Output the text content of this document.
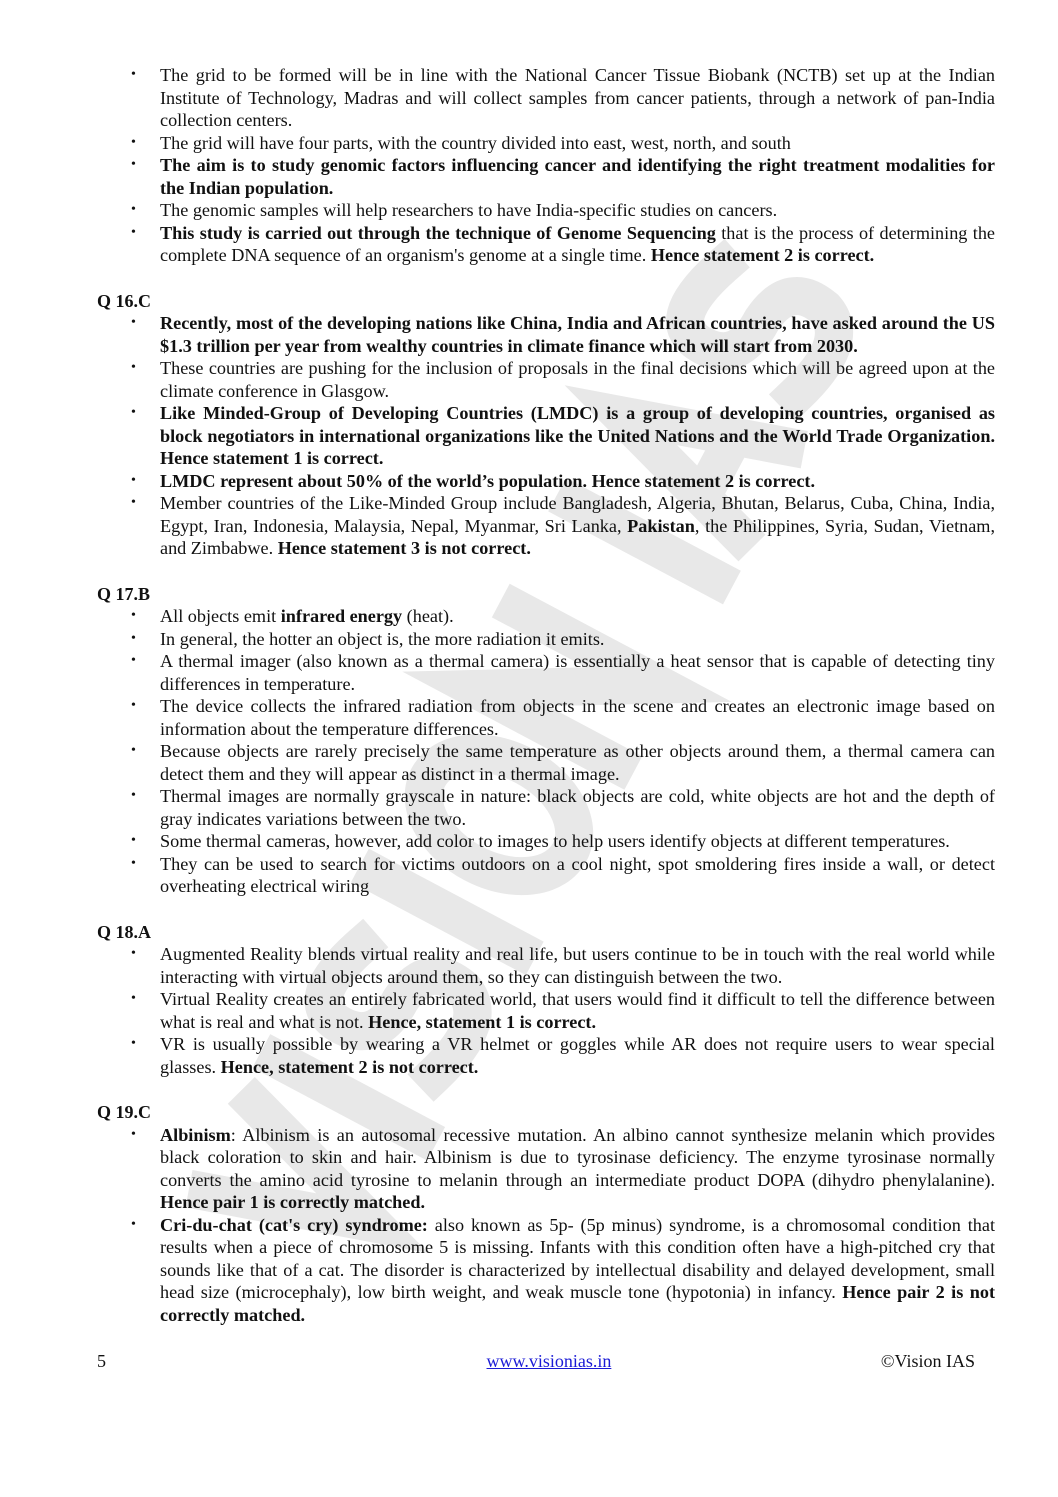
•	The grid to be formed will be in line with the National Cancer Tissue Biobank (NCTB) set up at the Indian Institute of Technology, Madras and will collect samples from cancer patients, through a network of pan-India collection centers.
•	The grid will have four parts, with the country divided into east, west, north, and south
•	The aim is to study genomic factors influencing cancer and identifying the right treatment modalities for the Indian population.
•	The genomic samples will help researchers to have India-specific studies on cancers.
•	This study is carried out through the technique of Genome Sequencing that is the process of determining the complete DNA sequence of an organism's genome at a single time. Hence statement 2 is correct.
Q 16.C
•	Recently, most of the developing nations like China, India and African countries, have asked around the US $1.3 trillion per year from wealthy countries in climate finance which will start from 2030.
•	These countries are pushing for the inclusion of proposals in the final decisions which will be agreed upon at the climate conference in Glasgow.
•	Like Minded-Group of Developing Countries (LMDC) is a group of developing countries, organised as block negotiators in international organizations like the United Nations and the World Trade Organization. Hence statement 1 is correct.
•	LMDC represent about 50% of the world’s population. Hence statement 2 is correct.
•	Member countries of the Like-Minded Group include Bangladesh, Algeria, Bhutan, Belarus, Cuba, China, India, Egypt, Iran, Indonesia, Malaysia, Nepal, Myanmar, Sri Lanka, Pakistan, the Philippines, Syria, Sudan, Vietnam, and Zimbabwe. Hence statement 3 is not correct.
Q 17.B
•	All objects emit infrared energy (heat).
•	In general, the hotter an object is, the more radiation it emits.
•	A thermal imager (also known as a thermal camera) is essentially a heat sensor that is capable of detecting tiny differences in temperature.
•	The device collects the infrared radiation from objects in the scene and creates an electronic image based on information about the temperature differences.
•	Because objects are rarely precisely the same temperature as other objects around them, a thermal camera can detect them and they will appear as distinct in a thermal image.
•	Thermal images are normally grayscale in nature: black objects are cold, white objects are hot and the depth of gray indicates variations between the two.
•	Some thermal cameras, however, add color to images to help users identify objects at different temperatures.
•	They can be used to search for victims outdoors on a cool night, spot smoldering fires inside a wall, or detect overheating electrical wiring
Q 18.A
•	Augmented Reality blends virtual reality and real life, but users continue to be in touch with the real world while interacting with virtual objects around them, so they can distinguish between the two.
•	Virtual Reality creates an entirely fabricated world, that users would find it difficult to tell the difference between what is real and what is not. Hence, statement 1 is correct.
•	VR is usually possible by wearing a VR helmet or goggles while AR does not require users to wear special glasses. Hence, statement 2 is not correct.
Q 19.C
•	Albinism: Albinism is an autosomal recessive mutation. An albino cannot synthesize melanin which provides black coloration to skin and hair. Albinism is due to tyrosinase deficiency. The enzyme tyrosinase normally converts the amino acid tyrosine to melanin through an intermediate product DOPA (dihydro phenylalanine). Hence pair 1 is correctly matched.
•	Cri-du-chat (cat's cry) syndrome: also known as 5p- (5p minus) syndrome, is a chromosomal condition that results when a piece of chromosome 5 is missing. Infants with this condition often have a high-pitched cry that sounds like that of a cat. The disorder is characterized by intellectual disability and delayed development, small head size (microcephaly), low birth weight, and weak muscle tone (hypotonia) in infancy. Hence pair 2 is not correctly matched.
5	www.visionias.in	©Vision IAS
